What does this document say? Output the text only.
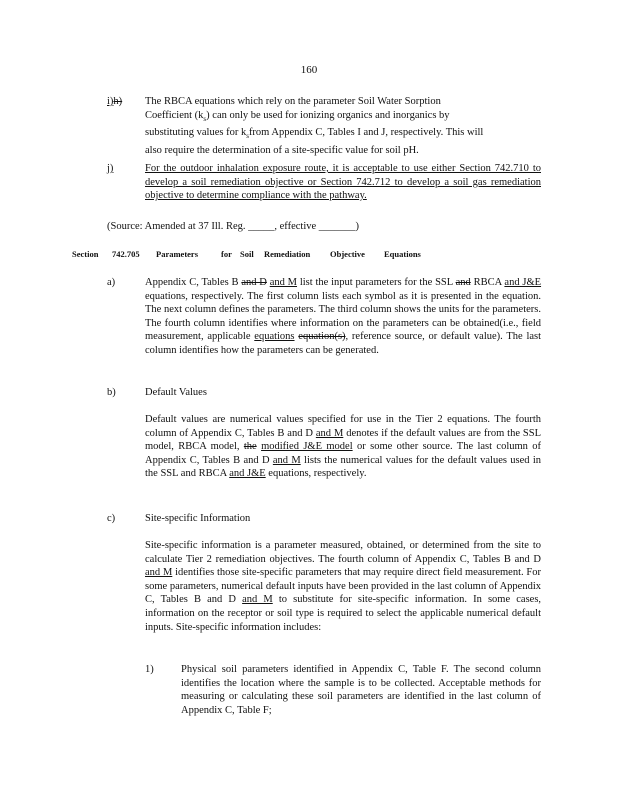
160
i)h) The RBCA equations which rely on the parameter Soil Water Sorption
Coefficient $(k_s)$ can only be used for ionizing organics and inorganics by
substituting values for $k_sfrom$ Appendix C, Tables I and J, respectively. This will
also require the determination of a site-specific value for soil pH.
j)	For the outdoor inhalation exposure route, it is acceptable to use either Section 742.710 to develop a soil remediation objective or Section 742.712 to develop a soil gas remediation objective to determine compliance with the pathway.
(Source: Amended at 37 Ill. Reg. _____, effective _______)
Section 742.705 Parameters	for Soil Remediation Objective Equations
a)	Appendix C, Tables B and D and M list the input parameters for the SSL and RBCA and J&E equations, respectively. The first column lists each symbol as it is presented in the equation. The next column defines the parameters. The third column shows the units for the parameters. The fourth column identifies where information on the parameters can be obtained(i.e., field measurement, applicable equations equation(s), reference source, or default value). The last column identifies how the parameters can be generated.
b)	Default Values
Default values are numerical values specified for use in the Tier 2 equations. The fourth column of Appendix C, Tables B and D and M denotes if the default values are from the SSL model, RBCA model, the modified J&E model or some other source. The last column of Appendix C, Tables B and D and M lists the numerical values for the default values used in the SSL and RBCA and J&E equations, respectively.
c)	Site-specific Information
Site-specific information is a parameter measured, obtained, or determined from the site to calculate Tier 2 remediation objectives. The fourth column of Appendix C, Tables B and D and M identifies those site-specific parameters that may require direct field measurement. For some parameters, numerical default inputs have been provided in the last column of Appendix C, Tables B and D and M to substitute for site-specific information. In some cases, information on the receptor or soil type is required to select the applicable numerical default inputs. Site-specific information includes:
1)	Physical soil parameters identified in Appendix C, Table F. The second column identifies the location where the sample is to be collected. Acceptable methods for measuring or calculating these soil parameters are identified in the last column of Appendix C, Table F;
